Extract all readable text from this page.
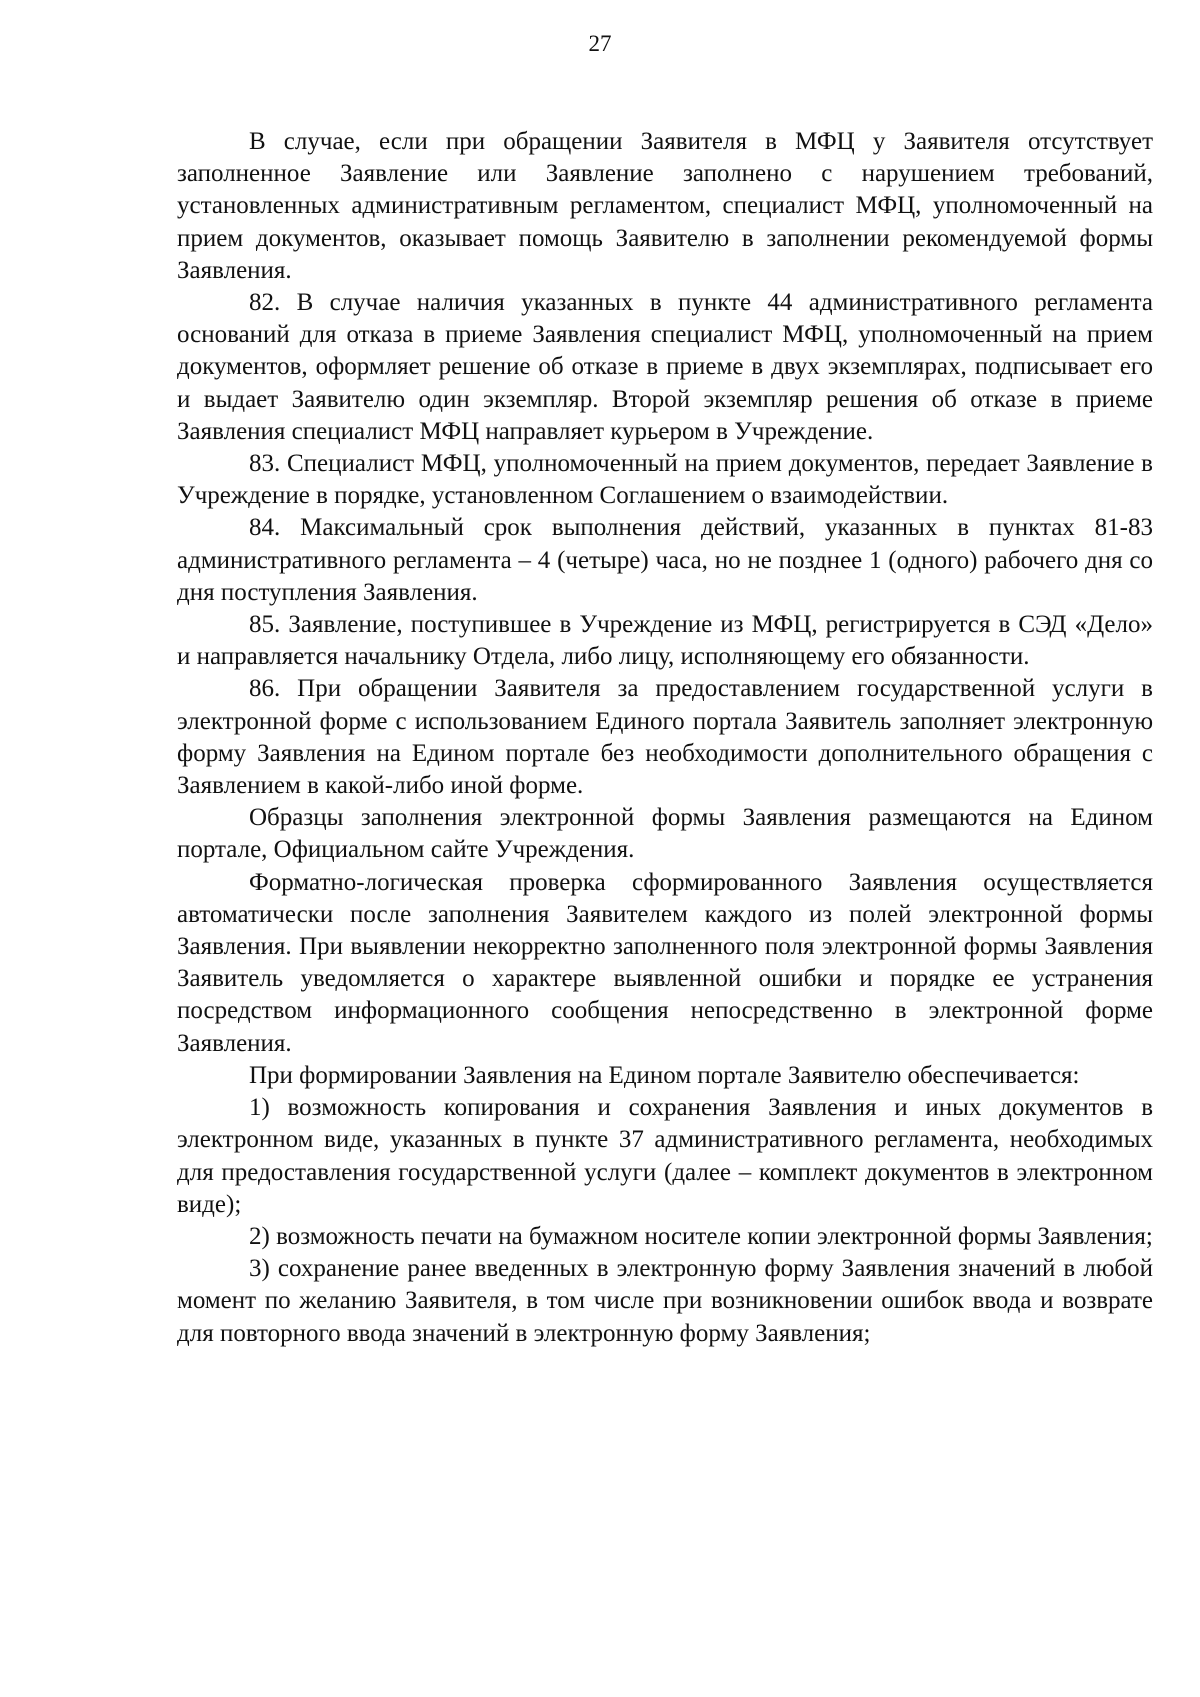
27

В случае, если при обращении Заявителя в МФЦ у Заявителя отсутствует заполненное Заявление или Заявление заполнено с нарушением требований, установленных административным регламентом, специалист МФЦ, уполномоченный на прием документов, оказывает помощь Заявителю в заполнении рекомендуемой формы Заявления.

82. В случае наличия указанных в пункте 44 административного регламента оснований для отказа в приеме Заявления специалист МФЦ, уполномоченный на прием документов, оформляет решение об отказе в приеме в двух экземплярах, подписывает его и выдает Заявителю один экземпляр. Второй экземпляр решения об отказе в приеме Заявления специалист МФЦ направляет курьером в Учреждение.

83. Специалист МФЦ, уполномоченный на прием документов, передает Заявление в Учреждение в порядке, установленном Соглашением о взаимодействии.

84. Максимальный срок выполнения действий, указанных в пунктах 81-83 административного регламента – 4 (четыре) часа, но не позднее 1 (одного) рабочего дня со дня поступления Заявления.

85. Заявление, поступившее в Учреждение из МФЦ, регистрируется в СЭД «Дело» и направляется начальнику Отдела, либо лицу, исполняющему его обязанности.

86. При обращении Заявителя за предоставлением государственной услуги в электронной форме с использованием Единого портала Заявитель заполняет электронную форму Заявления на Едином портале без необходимости дополнительного обращения с Заявлением в какой-либо иной форме.

Образцы заполнения электронной формы Заявления размещаются на Едином портале, Официальном сайте Учреждения.

Форматно-логическая проверка сформированного Заявления осуществляется автоматически после заполнения Заявителем каждого из полей электронной формы Заявления. При выявлении некорректно заполненного поля электронной формы Заявления Заявитель уведомляется о характере выявленной ошибки и порядке ее устранения посредством информационного сообщения непосредственно в электронной форме Заявления.

При формировании Заявления на Едином портале Заявителю обеспечивается:

1) возможность копирования и сохранения Заявления и иных документов в электронном виде, указанных в пункте 37 административного регламента, необходимых для предоставления государственной услуги (далее – комплект документов в электронном виде);

2) возможность печати на бумажном носителе копии электронной формы Заявления;

3) сохранение ранее введенных в электронную форму Заявления значений в любой момент по желанию Заявителя, в том числе при возникновении ошибок ввода и возврате для повторного ввода значений в электронную форму Заявления;
